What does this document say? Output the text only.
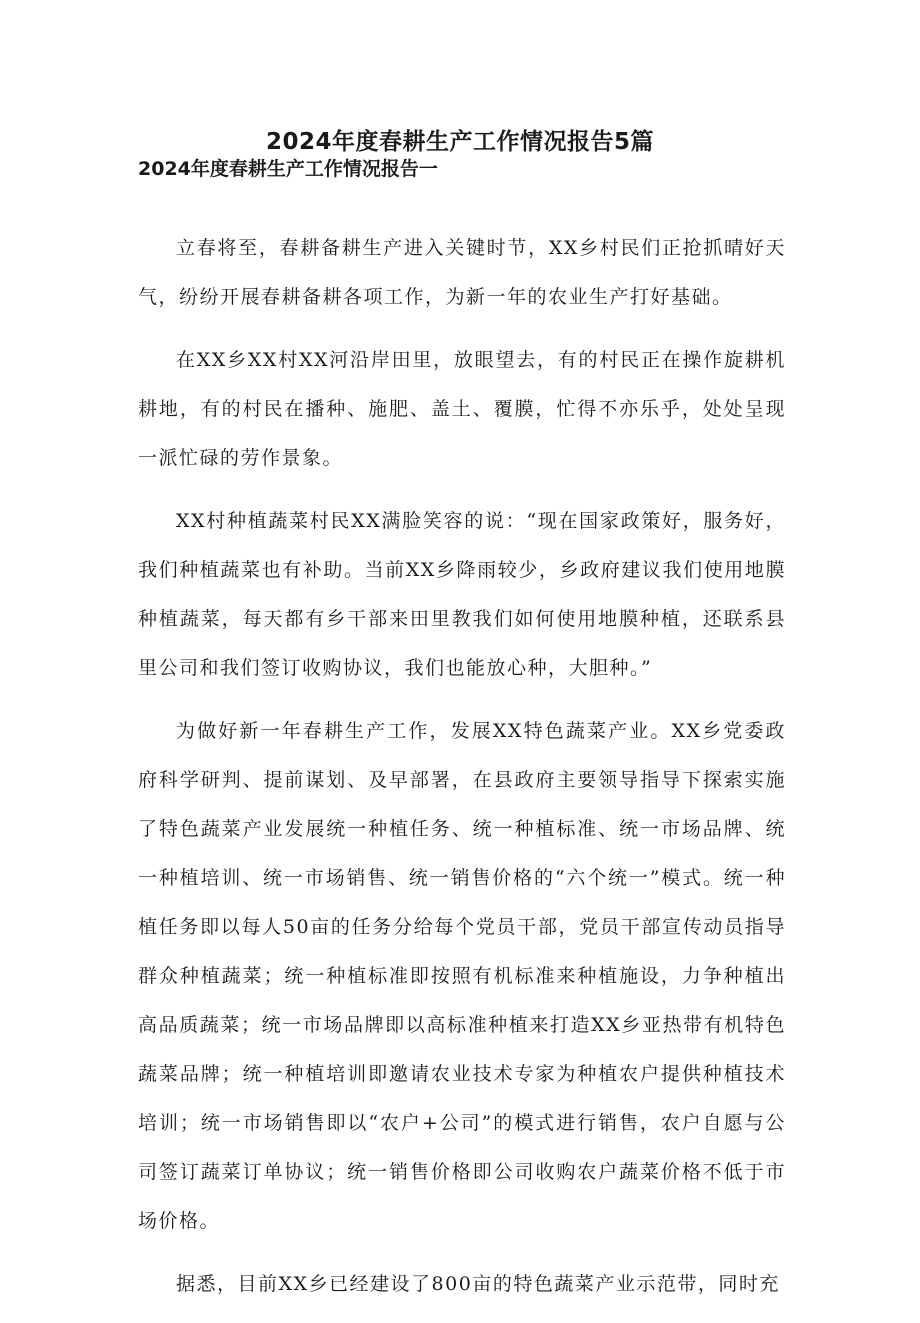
2024年度春耕生产工作情况报告5篇
2024年度春耕生产工作情况报告一

立春将至，春耕备耕生产进入关键时节，XX乡村民们正抢抓晴好天气，纷纷开展春耕备耕各项工作，为新一年的农业生产打好基础。

在XX乡XX村XX河沿岸田里，放眼望去，有的村民正在操作旋耕机耕地，有的村民在播种、施肥、盖土、覆膜，忙得不亦乐乎，处处呈现一派忙碌的劳作景象。

XX村种植蔬菜村民XX满脸笑容的说：“现在国家政策好，服务好，我们种植蔬菜也有补助。当前XX乡降雨较少，乡政府建议我们使用地膜种植蔬菜，每天都有乡干部来田里教我们如何使用地膜种植，还联系县里公司和我们签订收购协议，我们也能放心种，大胆种。”

为做好新一年春耕生产工作，发展XX特色蔬菜产业。XX乡党委政府科学研判、提前谋划、及早部署，在县政府主要领导指导下探索实施了特色蔬菜产业发展统一种植任务、统一种植标准、统一市场品牌、统一种植培训、统一市场销售、统一销售价格的“六个统一”模式。统一种植任务即以每人50亩的任务分给每个党员干部，党员干部宣传动员指导群众种植蔬菜；统一种植标准即按照有机标准来种植施设，力争种植出高品质蔬菜；统一市场品牌即以高标准种植来打造XX乡亚热带有机特色蔬菜品牌；统一种植培训即邀请农业技术专家为种植农户提供种植技术培训；统一市场销售即以“农户+公司”的模式进行销售，农户自愿与公司签订蔬菜订单协议；统一销售价格即公司收购农户蔬菜价格不低于市场价格。

据悉，目前XX乡已经建设了800亩的特色蔬菜产业示范带，同时充
